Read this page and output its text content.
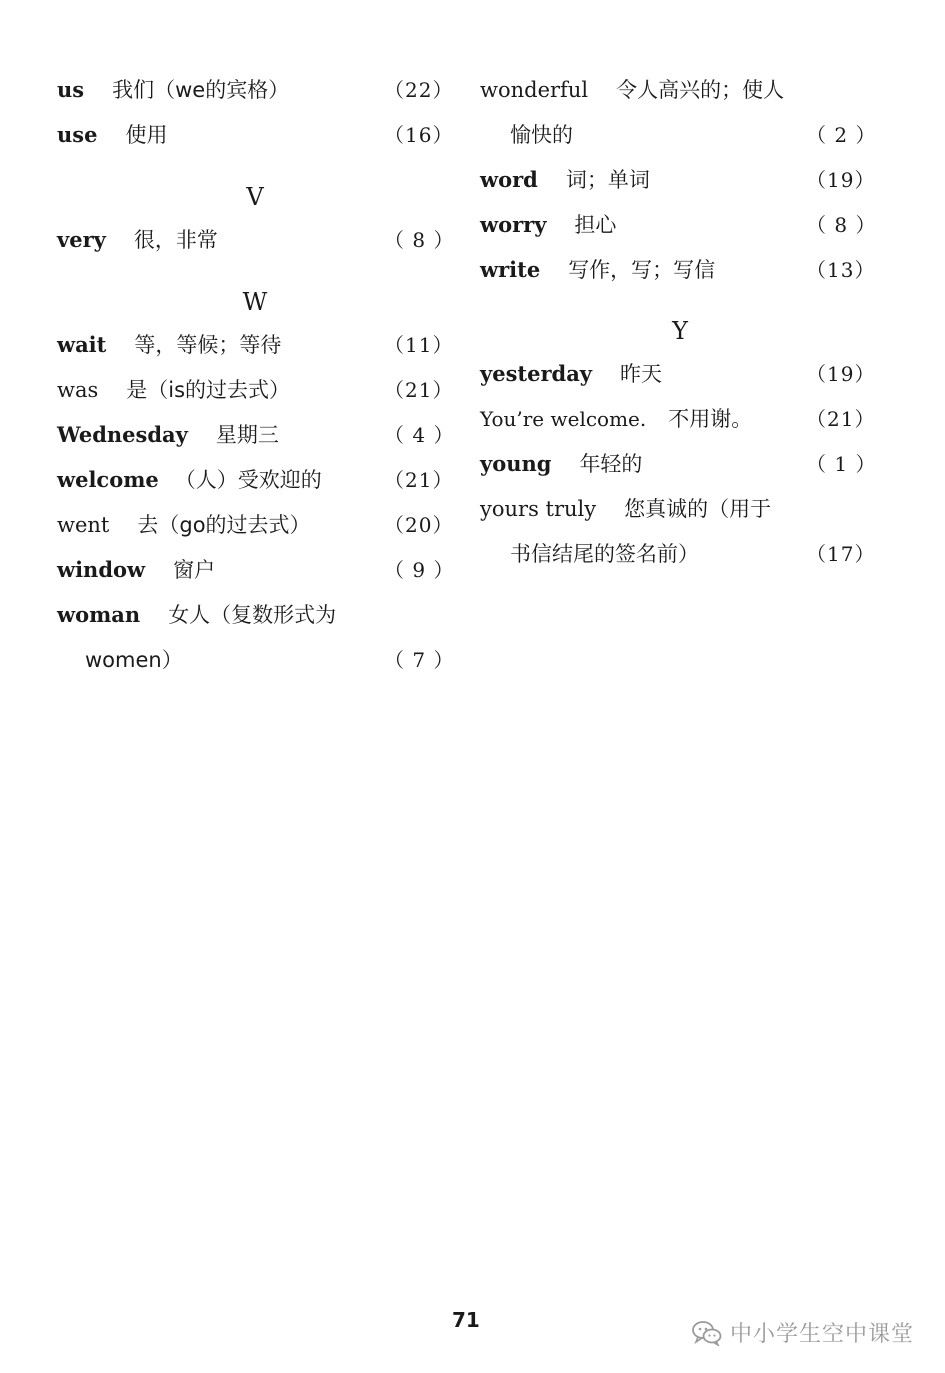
us 我们（we的宾格）	（22）
use 使用	（16）
V
very 很，非常	（ 8 ）
W
wait 等，等候；等待	（11）
was 是（is的过去式）	（21）
Wednesday 星期三	（ 4 ）
welcome （人）受欢迎的	（21）
went 去（go的过去式）	（20）
window 窗户	（ 9 ）
woman 女人（复数形式为
women）	（ 7 ）
wonderful 令人高兴的；使人
愉快的	（ 2 ）
word 词；单词	（19）
worry 担心	（ 8 ）
write 写作，写；写信	（13）
Y
yesterday 昨天	（19）
You’re welcome. 不用谢。	（21）
young 年轻的	（ 1 ）
yours truly 您真诚的（用于
书信结尾的签名前）	（17）
71
中小学生空中课堂
